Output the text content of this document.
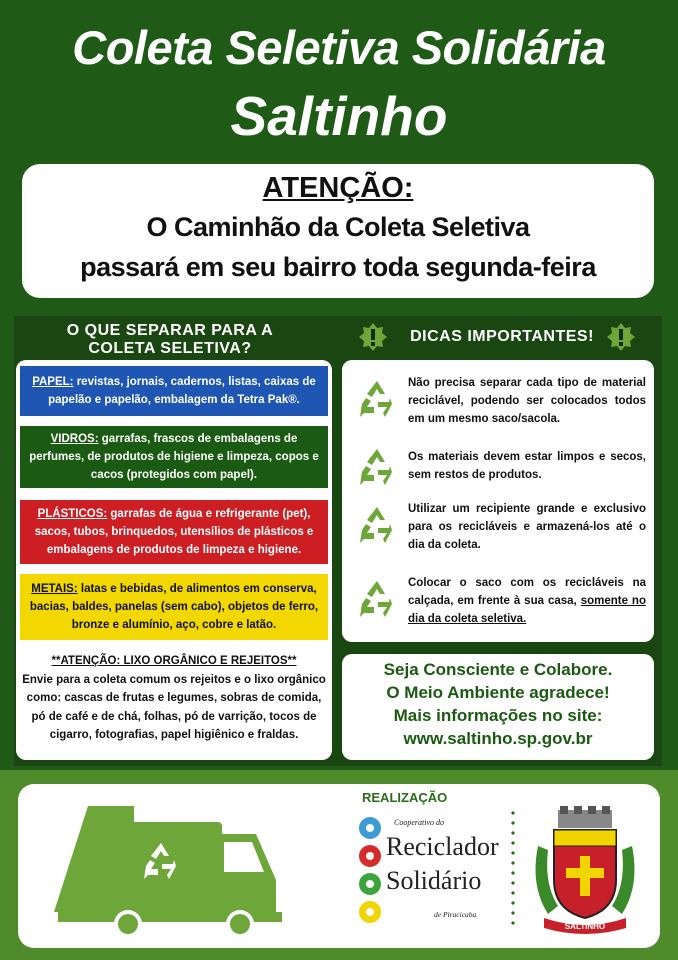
Coleta Seletiva Solidária
Saltinho
ATENÇÃO:
O Caminhão da Coleta Seletiva
passará em seu bairro toda segunda-feira
O QUE SEPARAR PARA A
COLETA SELETIVA?
DICAS IMPORTANTES!
PAPEL: revistas, jornais, cadernos, listas, caixas de papelão e papelão, embalagem da Tetra Pak®.
VIDROS: garrafas, frascos de embalagens de perfumes, de produtos de higiene e limpeza, copos e cacos (protegidos com papel).
PLÁSTICOS: garrafas de água e refrigerante (pet), sacos, tubos, brinquedos, utensílios de plásticos e embalagens de produtos de limpeza e higiene.
METAIS: latas e bebidas, de alimentos em conserva, bacias, baldes, panelas (sem cabo), objetos de ferro, bronze e alumínio, aço, cobre e latão.
**ATENÇÃO: LIXO ORGÂNICO E REJEITOS**
Envie para a coleta comum os rejeitos e o lixo orgânico como: cascas de frutas e legumes, sobras de comida, pó de café e de chá, folhas, pó de varrição, tocos de cigarro, fotografias, papel higiênico e fraldas.
Não precisa separar cada tipo de material reciclável, podendo ser colocados todos em um mesmo saco/sacola.
Os materiais devem estar limpos e secos, sem restos de produtos.
Utilizar um recipiente grande e exclusivo para os recicláveis e armazená-los até o dia da coleta.
Colocar o saco com os recicláveis na calçada, em frente à sua casa, somente no dia da coleta seletiva.
Seja Consciente e Colabore.
O Meio Ambiente agradece!
Mais informações no site:
www.saltinho.sp.gov.br
REALIZAÇÃO
Cooperativo do
Reciclador
Solidário
de Piracicaba
SALTINHO
